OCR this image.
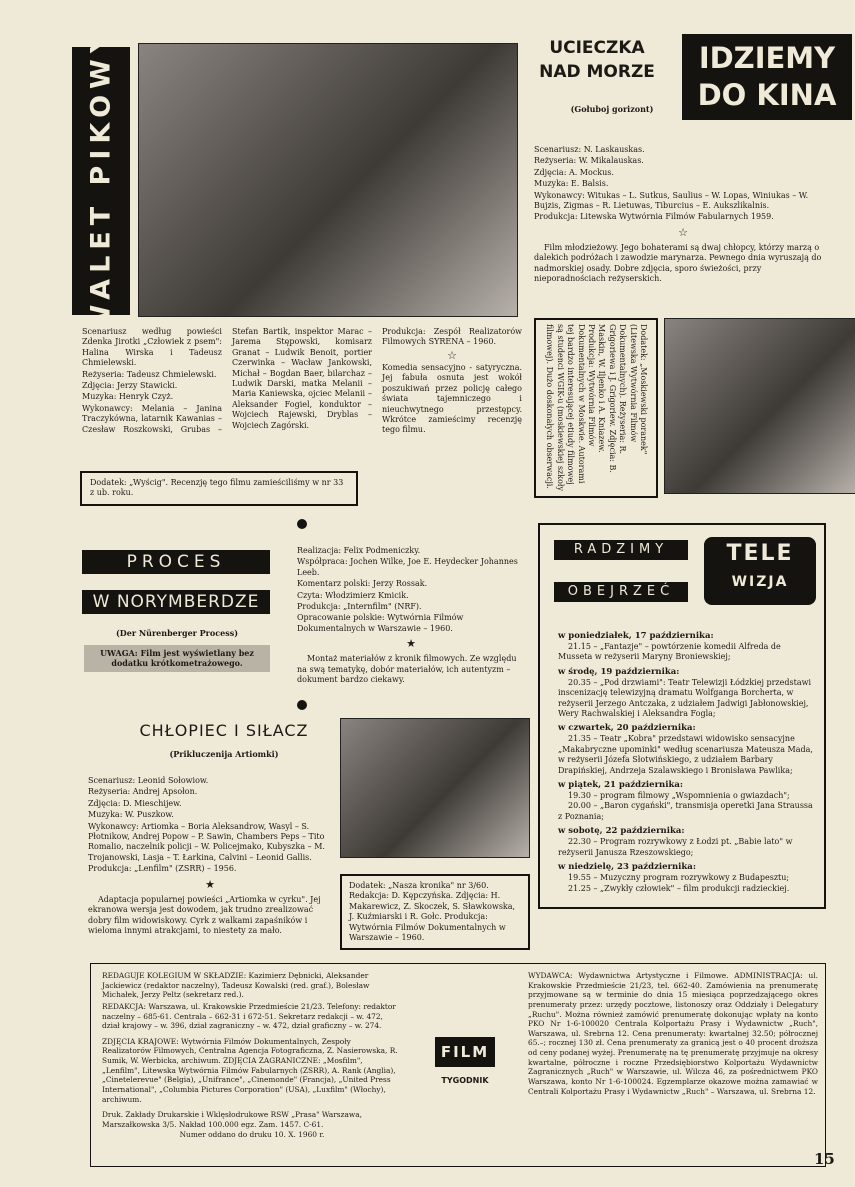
WALET PIKOWY	UCIECZKA
NAD MORZE	IDZIEMY
DO KINA
(Gołuboj gorizont)

Scenariusz: N. Laskauskas.

Reżyseria: W. Mikalauskas.

Zdjęcia: A. Mockus.

Muzyka: E. Balsis.

Wykonawcy: Witukas – L. Sutkus, Saulius – W. Lopas, Winiukas – W. Bujzis, Zigmas – R. Lietuwas, Tiburcius – E. Aukszlikalnis.

Produkcja: Litewska Wytwórnia Filmów Fabularnych 1959.

☆

Film młodzieżowy. Jego bohaterami są dwaj chłopcy, którzy marzą o dalekich podróżach i zawodzie marynarza. Pewnego dnia wyruszają do nadmorskiej osady. Dobre zdjęcia, sporo świeżości, przy nieporadnościach reżyserskich.

Scenariusz według powieści Zdenka Jirotki „Człowiek z psem": Halina Wirska i Tadeusz Chmielewski.

Reżyseria: Tadeusz Chmielewski.

Zdjęcia: Jerzy Stawicki.

Muzyka: Henryk Czyż.

Wykonawcy: Melania – Janina Traczykówna, latarnik Kawanias – Czesław Roszkowski, Grubas – Stefan Bartik, inspektor Marac – Jarema Stępowski, komisarz Granat – Ludwik Benoit, portier Czerwinka – Wacław Jankowski, Michał – Bogdan Baer, bilarchaz – Ludwik Darski, matka Melanii – Maria Kaniewska, ojciec Melanii – Aleksander Fogiel, konduktor – Wojciech Rajewski, Dryblas – Wojciech Zagórski.

Produkcja: Zespół Realizatorów Filmowych SYRENA – 1960.

☆

Komedia sensacyjno - satyryczna. Jej fabuła osnuta jest wokół poszukiwań przez policję całego świata tajemniczego i nieuchwytnego przestępcy. Wkrótce zamieścimy recenzję tego filmu.

Dodatek: „Wyścig". Recenzję tego filmu zamieściliśmy w nr 33 z ub. roku.
Dodatek: „Moskiewski poranek" (Litewska Wytwórnia Filmów Dokumentalnych). Reżyseria: R. Grigoriewa i J. Grigoriew. Zdjęcia: B. Maskin, W. Iljenko i A. Kniazew. Produkcja: Wytwórnia Filmów Dokumentalnych w Moskwie. Autorami tej bardzo interesującej etiudy filmowej są studenci WGIK-u (moskiewskiej szkoły filmowej). Dużo doskonałych obserwacji.
PROCES
W NORYMBERDZE
(Der Nürenberger Process)
UWAGA: Film jest wyświetlany bez dodatku krótkometrażowego.

Realizacja: Felix Podmeniczky.

Współpraca: Jochen Wilke, Joe E. Heydecker Johannes Leeb.

Komentarz polski: Jerzy Rossak.

Czyta: Włodzimierz Kmicik.

Produkcja: „Internfilm" (NRF).

Opracowanie polskie: Wytwórnia Filmów Dokumentalnych w Warszawie – 1960.

★

Montaż materiałów z kronik filmowych. Ze względu na swą tematykę, dobór materiałów, ich autentyzm – dokument bardzo ciekawy.

CHŁOPIEC I SIŁACZ
(Prikluczenija Artiomki)

Scenariusz: Leonid Sołowiow.

Reżyseria: Andrej Apsołon.

Zdjęcia: D. Mieschijew.

Muzyka: W. Puszkow.

Wykonawcy: Artiomka – Boria Aleksandrow, Wasyl – S. Płotnikow, Andrej Popow – P. Sawin, Chambers Peps – Tito Romalio, naczelnik policji – W. Policejmako, Kubyszka – M. Trojanowski, Lasja – T. Łarkina, Calvini – Leonid Gallis.

Produkcja: „Lenfilm" (ZSRR) – 1956.

★

Adaptacja popularnej powieści „Artiomka w cyrku". Jej ekranowa wersja jest dowodem, jak trudno zrealizować dobry film widowiskowy. Cyrk z walkami zapaśników i wieloma innymi atrakcjami, to niestety za mało.

Dodatek: „Nasza kronika" nr 3/60. Redakcja: D. Kępczyńska. Zdjęcia: H. Makarewicz, Z. Skoczek, S. Sławkowska, J. Kuźmiarski i R. Gołc. Produkcja: Wytwórnia Filmów Dokumentalnych w Warszawie – 1960.
RADZIMY
OBEJRZEĆ
TELE
WIZJA
w poniedziałek, 17 października:
21.15 – „Fantazje" – powtórzenie komedii Alfreda de Musseta w reżyserii Maryny Broniewskiej;
w środę, 19 października:
20.35 – „Pod drzwiami": Teatr Telewizji Łódzkiej przedstawi inscenizację telewizyjną dramatu Wolfganga Borcherta, w reżyserii Jerzego Antczaka, z udziałem Jadwigi Jabłonowskiej, Wery Rachwalskiej i Aleksandra Fogla;
w czwartek, 20 października:
21.35 – Teatr „Kobra" przedstawi widowisko sensacyjne „Makabryczne upominki" według scenariusza Mateusza Mada, w reżyserii Józefa Słotwińskiego, z udziałem Barbary Drapińskiej, Andrzeja Szalawskiego i Bronisława Pawlika;
w piątek, 21 października:
19.30 – program filmowy „Wspomnienia o gwiazdach";
20.00 – „Baron cygański", transmisja operetki Jana Straussa z Poznania;
w sobotę, 22 października:
22.30 – Program rozrywkowy z Łodzi pt. „Babie lato" w reżyserii Janusza Rzeszowskiego;
w niedzielę, 23 października:
19.55 – Muzyczny program rozrywkowy z Budapesztu;
21.25 – „Zwykły człowiek" – film produkcji radzieckiej.

REDAGUJE KOLEGIUM W SKŁADZIE: Kazimierz Dębnicki, Aleksander Jackiewicz (redaktor naczelny), Tadeusz Kowalski (red. graf.), Bolesław Michałek, Jerzy Peltz (sekretarz red.).

REDAKCJA: Warszawa, ul. Krakowskie Przedmieście 21/23. Telefony: redaktor naczelny – 685-61. Centrala – 662-31 i 672-51. Sekretarz redakcji – w. 472, dział krajowy – w. 396, dział zagraniczny – w. 472, dział graficzny – w. 274.

ZDJĘCIA KRAJOWE: Wytwórnia Filmów Dokumentalnych, Zespoły Realizatorów Filmowych, Centralna Agencja Fotograficzna, Z. Nasierowska, R. Sumik, W. Werbicka, archiwum. ZDJĘCIA ZAGRANICZNE: „Mosfilm", „Lenfilm", Litewska Wytwórnia Filmów Fabularnych (ZSRR), A. Rank (Anglia), „Cinetelerevue" (Belgia), „Unifrance", „Cinemonde" (Francja), „United Press International", „Columbia Pictures Corporation" (USA), „Luxfilm" (Włochy), archiwum.

Druk. Zakłady Drukarskie i Wklęsłodrukowe RSW „Prasa" Warszawa, Marszałkowska 3/5. Nakład 100.000 egz. Zam. 1457. C-61.

Numer oddano do druku 10. X. 1960 r.

FILM
TYGODNIK
WYDAWCA: Wydawnictwa Artystyczne i Filmowe. ADMINISTRACJA: ul. Krakowskie Przedmieście 21/23, tel. 662-40. Zamówienia na prenumeratę przyjmowane są w terminie do dnia 15 miesiąca poprzedzającego okres prenumeraty przez: urzędy pocztowe, listonoszy oraz Oddziały i Delegatury „Ruchu". Można również zamówić prenumeratę dokonując wpłaty na konto PKO Nr 1-6-100020 Centrala Kolportażu Prasy i Wydawnictw „Ruch", Warszawa, ul. Srebrna 12. Cena prenumeraty: kwartalnej 32.50; półrocznej 65.–; rocznej 130 zł. Cena prenumeraty za granicą jest o 40 procent droższa od ceny podanej wyżej. Prenumeratę na tę prenumeratę przyjmuje na okresy kwartalne, półroczne i roczne Przedsiębiorstwo Kolportażu Wydawnictw Zagranicznych „Ruch" w Warszawie, ul. Wilcza 46, za pośrednictwem PKO Warszawa, konto Nr 1-6-100024. Egzemplarze okazowe można zamawiać w Centrali Kolportażu Prasy i Wydawnictw „Ruch" – Warszawa, ul. Srebrna 12.
15
